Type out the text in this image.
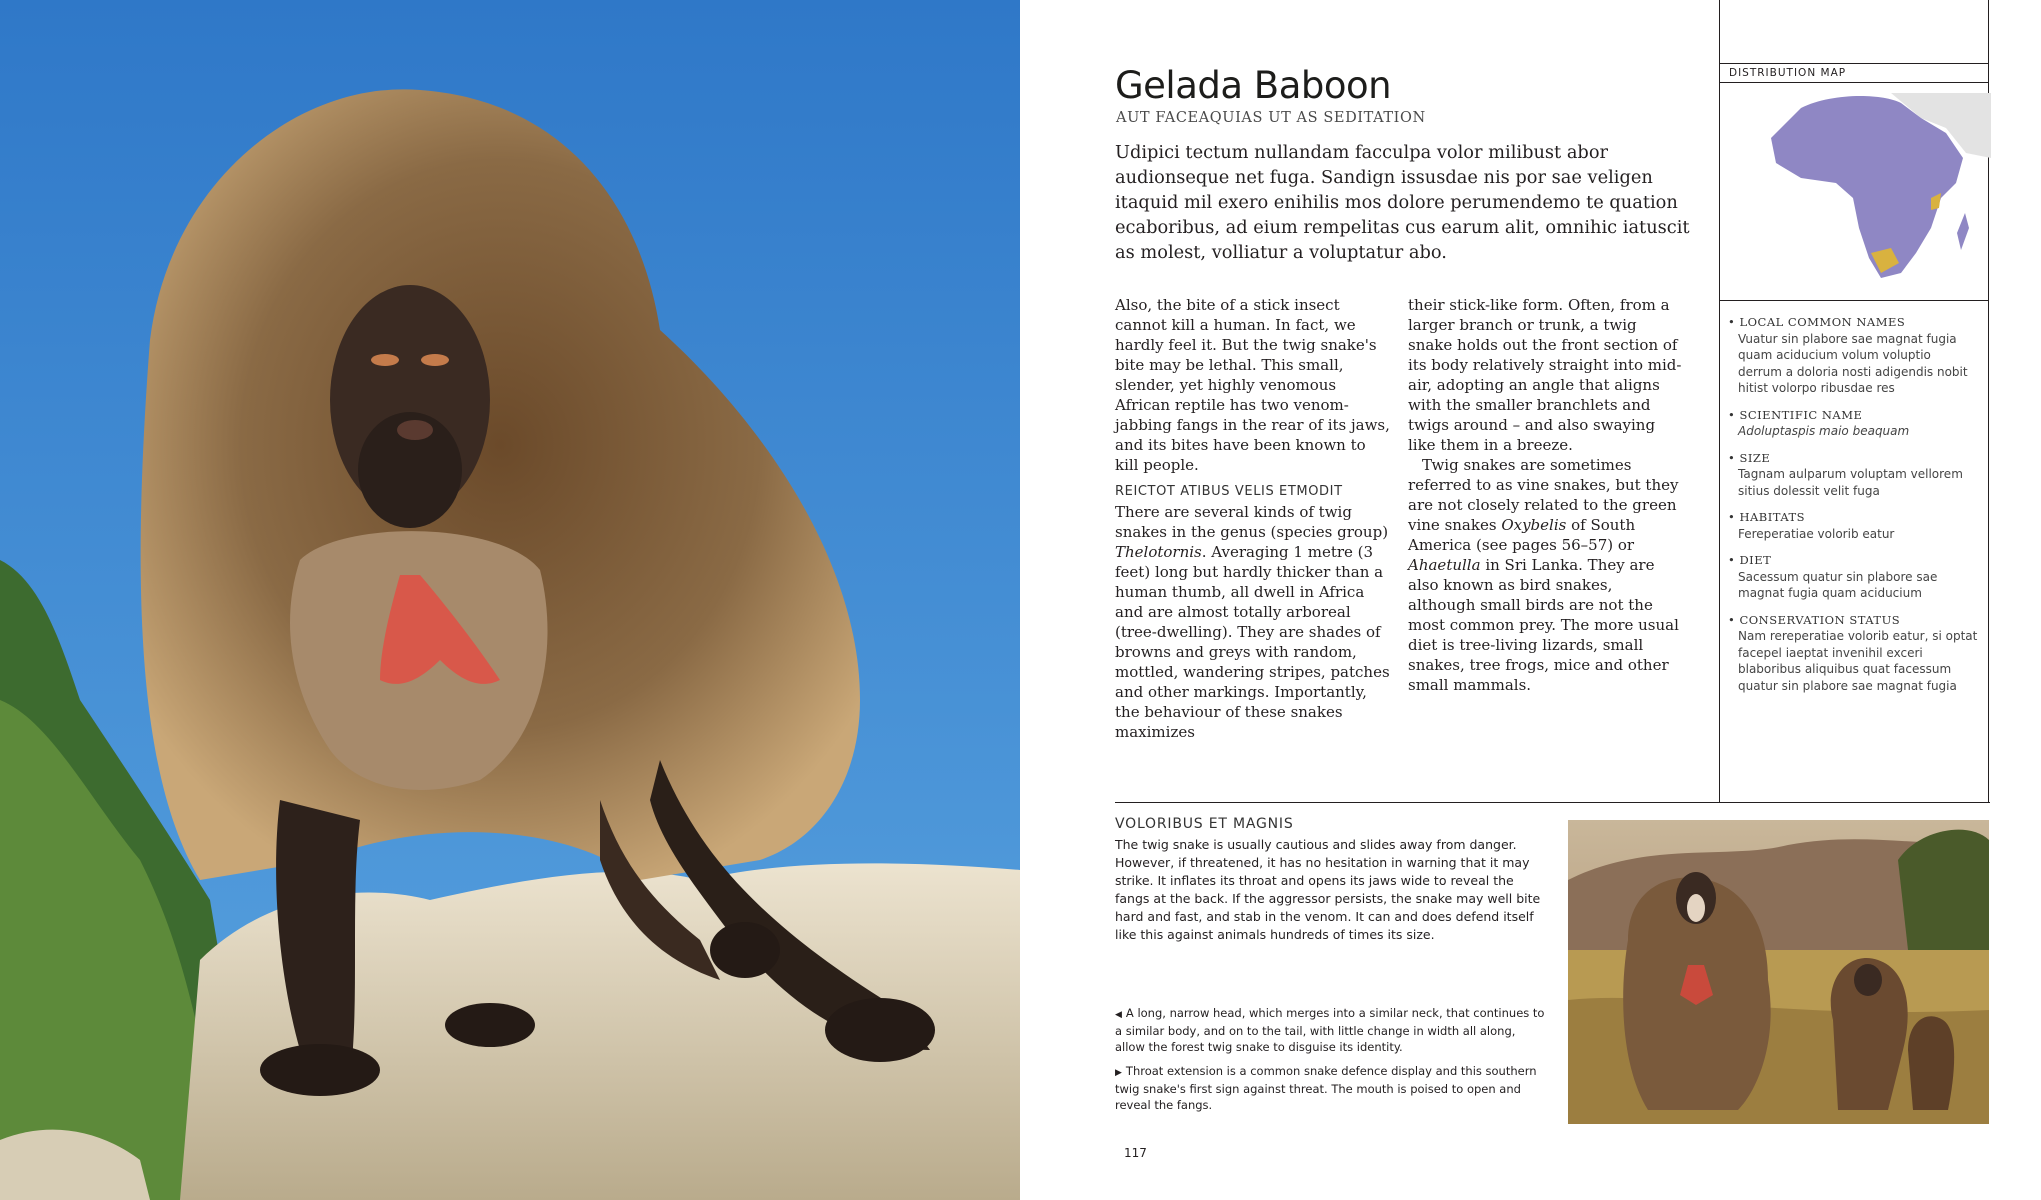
Gelada Baboon
AUT FACEAQUIAS UT AS SEDITATION
Udipici tectum nullandam facculpa volor milibust abor audionseque net fuga. Sandign issusdae nis por sae veligen itaquid mil exero enihilis mos dolore perumendemo te quation ecaboribus, ad eium rempelitas cus earum alit, omnihic iatuscit as molest, volliatur a voluptatur abo.

Also, the bite of a stick insect cannot kill a human. In fact, we hardly feel it. But the twig snake's bite may be lethal. This small, slender, yet highly venomous African reptile has two venom-jabbing fangs in the rear of its jaws, and its bites have been known to kill people.

REICTOT ATIBUS VELIS ETMODIT

There are several kinds of twig snakes in the genus (species group) Thelotornis. Averaging 1 metre (3 feet) long but hardly thicker than a human thumb, all dwell in Africa and are almost totally arboreal (tree-dwelling). They are shades of browns and greys with random, mottled, wandering stripes, patches and other markings. Importantly, the behaviour of these snakes maximizes

their stick-like form. Often, from a larger branch or trunk, a twig snake holds out the front section of its body relatively straight into mid-air, adopting an angle that aligns with the smaller branchlets and twigs around – and also swaying like them in a breeze.

Twig snakes are sometimes referred to as vine snakes, but they are not closely related to the green vine snakes Oxybelis of South America (see pages 56–57) or Ahaetulla in Sri Lanka. They are also known as bird snakes, although small birds are not the most common prey. The more usual diet is tree-living lizards, small snakes, tree frogs, mice and other small mammals.

DISTRIBUTION MAP
• LOCAL COMMON NAMES
Vuatur sin plabore sae magnat fugia quam aciducium volum voluptio derrum a doloria nosti adigendis nobit hitist volorpo ribusdae res
• SCIENTIFIC NAME
Adoluptaspis maio beaquam
• SIZE
Tagnam aulparum voluptam vellorem sitius dolessit velit fuga
• HABITATS
Fereperatiae volorib eatur
• DIET
Sacessum quatur sin plabore sae magnat fugia quam aciducium
• CONSERVATION STATUS
Nam rereperatiae volorib eatur, si optat facepel iaeptat invenihil exceri blaboribus aliquibus quat facessum quatur sin plabore sae magnat fugia
VOLORIBUS ET MAGNIS
The twig snake is usually cautious and slides away from danger. However, if threatened, it has no hesitation in warning that it may strike. It inflates its throat and opens its jaws wide to reveal the fangs at the back. If the aggressor persists, the snake may well bite hard and fast, and stab in the venom. It can and does defend itself like this against animals hundreds of times its size.
◀ A long, narrow head, which merges into a similar neck, that continues to a similar body, and on to the tail, with little change in width all along, allow the forest twig snake to disguise its identity.
▶ Throat extension is a common snake defence display and this southern twig snake's first sign against threat. The mouth is poised to open and reveal the fangs.
117
